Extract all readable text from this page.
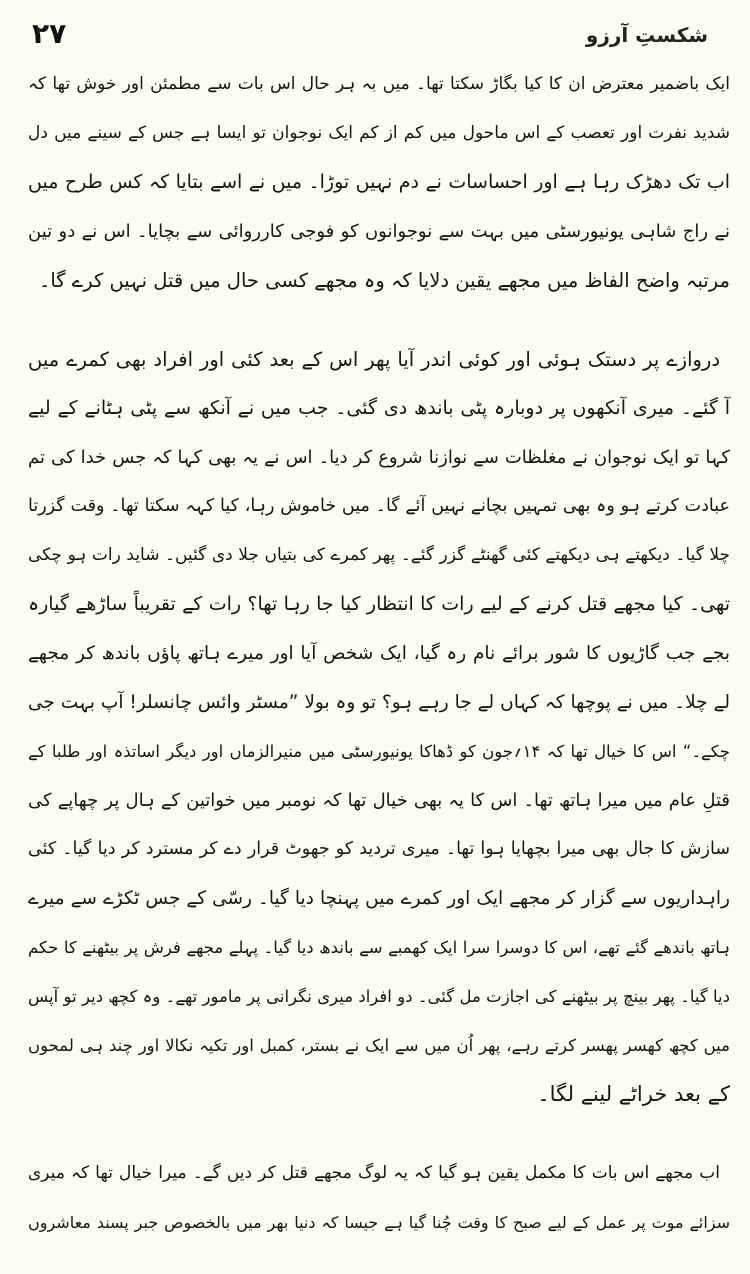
شکستِ آرزو
۲۷
ایک باضمیر معترض ان کا کیا بگاڑ سکتا تھا۔ میں بہ ہر حال اس بات سے مطمئن اور خوش تھا کہ
شدید نفرت اور تعصب کے اس ماحول میں کم از کم ایک نوجوان تو ایسا ہے جس کے سینے میں دل
اب تک دھڑک رہا ہے اور احساسات نے دم نہیں توڑا۔ میں نے اسے بتایا کہ کس طرح میں
نے راج شاہی یونیورسٹی میں بہت سے نوجوانوں کو فوجی کارروائی سے بچایا۔ اس نے دو تین
مرتبہ واضح الفاظ میں مجھے یقین دلایا کہ وہ مجھے کسی حال میں قتل نہیں کرے گا۔
دروازے پر دستک ہوئی اور کوئی اندر آیا پھر اس کے بعد کئی اور افراد بھی کمرے میں
آ گئے۔ میری آنکھوں پر دوبارہ پٹی باندھ دی گئی۔ جب میں نے آنکھ سے پٹی ہٹانے کے لیے
کہا تو ایک نوجوان نے مغلظات سے نوازنا شروع کر دیا۔ اس نے یہ بھی کہا کہ جس خدا کی تم
عبادت کرتے ہو وہ بھی تمہیں بچانے نہیں آئے گا۔ میں خاموش رہا، کیا کہہ سکتا تھا۔ وقت گزرتا
چلا گیا۔ دیکھتے ہی دیکھتے کئی گھنٹے گزر گئے۔ پھر کمرے کی بتیاں جلا دی گئیں۔ شاید رات ہو چکی
تھی۔ کیا مجھے قتل کرنے کے لیے رات کا انتظار کیا جا رہا تھا؟ رات کے تقریباً ساڑھے گیارہ
بجے جب گاڑیوں کا شور برائے نام رہ گیا، ایک شخص آیا اور میرے ہاتھ پاؤں باندھ کر مجھے
لے چلا۔ میں نے پوچھا کہ کہاں لے جا رہے ہو؟ تو وہ بولا ”مسٹر وائس چانسلر! آپ بہت جی
چکے۔“ اس کا خیال تھا کہ ۱۴؍جون کو ڈھاکا یونیورسٹی میں منیرالزماں اور دیگر اساتذہ اور طلبا کے
قتلِ عام میں میرا ہاتھ تھا۔ اس کا یہ بھی خیال تھا کہ نومبر میں خواتین کے ہال پر چھاپے کی
سازش کا جال بھی میرا بچھایا ہوا تھا۔ میری تردید کو جھوٹ قرار دے کر مسترد کر دیا گیا۔ کئی
راہداریوں سے گزار کر مجھے ایک اور کمرے میں پہنچا دیا گیا۔ رسّی کے جس ٹکڑے سے میرے
ہاتھ باندھے گئے تھے، اس کا دوسرا سرا ایک کھمبے سے باندھ دیا گیا۔ پہلے مجھے فرش پر بیٹھنے کا حکم
دیا گیا۔ پھر بینچ پر بیٹھنے کی اجازت مل گئی۔ دو افراد میری نگرانی پر مامور تھے۔ وہ کچھ دیر تو آپس
میں کچھ کھسر پھسر کرتے رہے، پھر اُن میں سے ایک نے بستر، کمبل اور تکیہ نکالا اور چند ہی لمحوں
کے بعد خراٹے لینے لگا۔
اب مجھے اس بات کا مکمل یقین ہو گیا کہ یہ لوگ مجھے قتل کر دیں گے۔ میرا خیال تھا کہ میری
سزائے موت پر عمل کے لیے صبح کا وقت چُنا گیا ہے جیسا کہ دنیا بھر میں بالخصوص جبر پسند معاشروں
